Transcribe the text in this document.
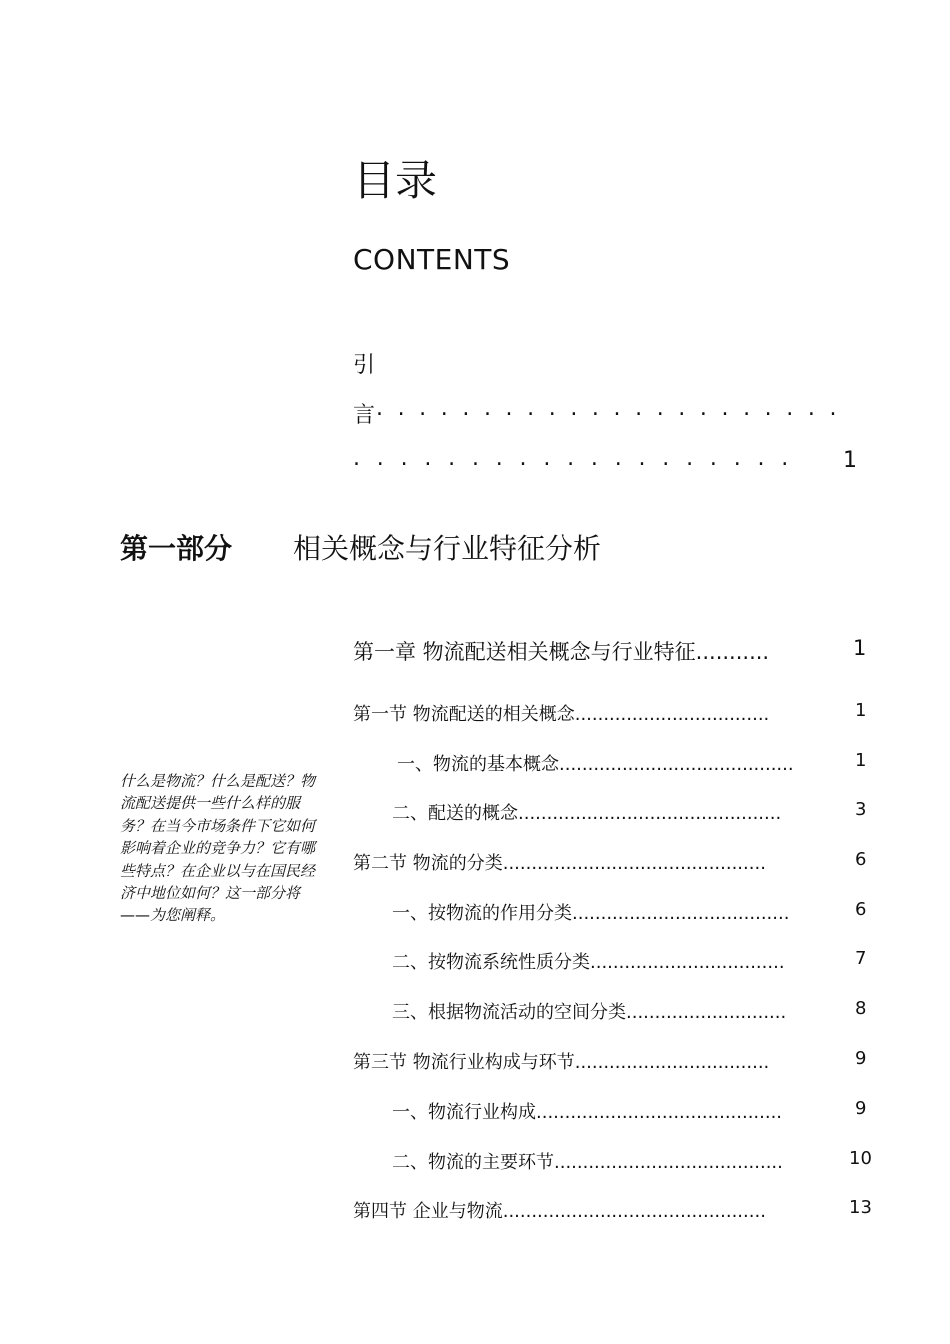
目录
CONTENTS
引
言 ......................
................... 1
第一部分 相关概念与行业特征分析
什么是物流？什么是配送？物流配送提供一些什么样的服务？在当今市场条件下它如何影响着企业的竞争力？它有哪些特点？在企业以与在国民经济中地位如何？这一部分将——为您阐释。
第一章 物流配送相关概念与行业特征...........	1
第一节 物流配送的相关概念..................................	1
一、物流的基本概念.........................................	1
二、配送的概念..............................................	3
第二节 物流的分类..............................................	6
一、按物流的作用分类......................................	6
二、按物流系统性质分类..................................	7
三、根据物流活动的空间分类............................	8
第三节 物流行业构成与环节..................................	9
一、物流行业构成...........................................	9
二、物流的主要环节........................................	10
第四节 企业与物流..............................................	13
